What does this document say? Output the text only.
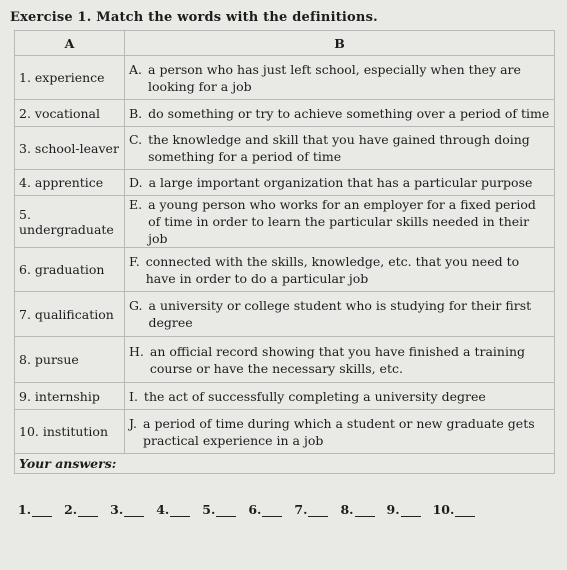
Exercise 1. Match the words with the definitions.
A	B
1. experience	A. a person who has just left school, especially when they are looking for a job

2. vocational	B. do something or try to achieve something over a period of time

3. school-leaver	C. the knowledge and skill that you have gained through doing something for a period of time

4. apprentice	D. a large important organization that has a particular purpose

5. undergraduate	E. a young person who works for an employer for a fixed period of time in order to learn the particular skills needed in their job

6. graduation	F. connected with the skills, knowledge, etc. that you need to have in order to do a particular job

7. qualification	G. a university or college student who is studying for their first degree

8. pursue	H. an official record showing that you have finished a training course or have the necessary skills, etc.

9. internship	I. the act of successfully completing a university degree

10. institution	J. a period of time during which a student or new graduate gets practical experience in a job

Your answers:	
1.	2.	3.	4.	5.	6.	7.	8.	9.	10.
